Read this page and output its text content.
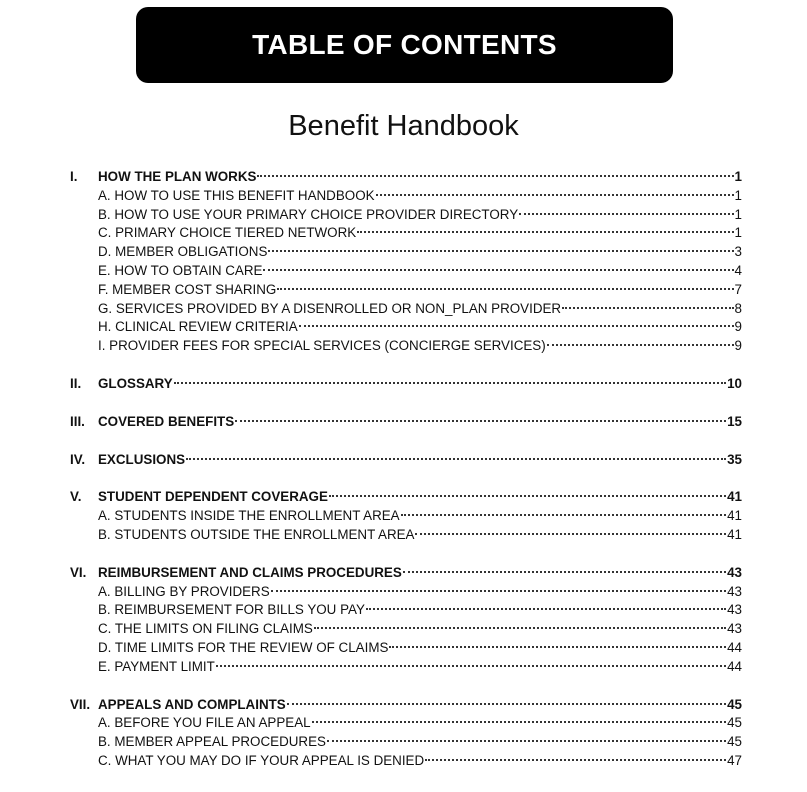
TABLE OF CONTENTS
Benefit Handbook
I.	HOW THE PLAN WORKS	1
A. HOW TO USE THIS BENEFIT HANDBOOK	1
B. HOW TO USE YOUR PRIMARY CHOICE PROVIDER DIRECTORY	1
C. PRIMARY CHOICE TIERED NETWORK	1
D. MEMBER OBLIGATIONS	3
E. HOW TO OBTAIN CARE	4
F. MEMBER COST SHARING	7
G. SERVICES PROVIDED BY A DISENROLLED OR NON_PLAN PROVIDER	8
H. CLINICAL REVIEW CRITERIA	9
I. PROVIDER FEES FOR SPECIAL SERVICES (CONCIERGE SERVICES)	9
II.	GLOSSARY	10
III. COVERED BENEFITS	15
IV. EXCLUSIONS	35
V.	STUDENT DEPENDENT COVERAGE	41
A. STUDENTS INSIDE THE ENROLLMENT AREA	41
B. STUDENTS OUTSIDE THE ENROLLMENT AREA	41
VI. REIMBURSEMENT AND CLAIMS PROCEDURES	43
A. BILLING BY PROVIDERS	43
B. REIMBURSEMENT FOR BILLS YOU PAY	43
C. THE LIMITS ON FILING CLAIMS	43
D. TIME LIMITS FOR THE REVIEW OF CLAIMS	44
E. PAYMENT LIMIT	44
VII. APPEALS AND COMPLAINTS	45
A. BEFORE YOU FILE AN APPEAL	45
B. MEMBER APPEAL PROCEDURES	45
C. WHAT YOU MAY DO IF YOUR APPEAL IS DENIED	47
